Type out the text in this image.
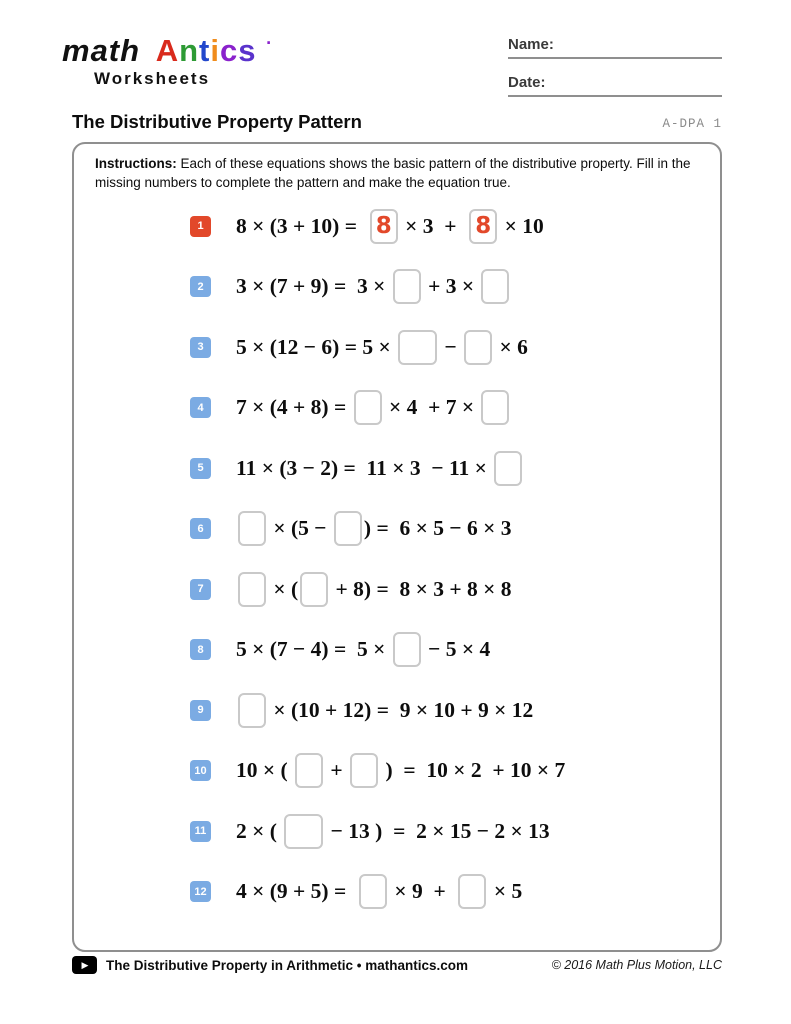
math Antics ·
Worksheets
Name:
Date:
The Distributive Property Pattern	A-DPA 1
Instructions: Each of these equations shows the basic pattern of the distributive property. Fill in the missing numbers to complete the pattern and make the equation true.
1	8 × (3 + 10) = 8 × 3  + 8 × 10
2	3 × (7 + 9) =  3 × + 3 ×
3	5 × (12 − 6) = 5 × − × 6
4	7 × (4 + 8) = × 4  + 7 ×
5	11 × (3 − 2) =  11 × 3  − 11 ×
6	× (5 − ) =  6 × 5 − 6 × 3
7	× ( + 8) =  8 × 3 + 8 × 8
8	5 × (7 − 4) =  5 × − 5 × 4
9	× (10 + 12) =  9 × 10 + 9 × 12
10 10 × ( + )  =  10 × 2  + 10 × 7
11 2 × ( − 13 )  =  2 × 15 − 2 × 13
12 4 × (9 + 5) = × 9  + × 5
▶	The Distributive Property in Arithmetic • mathantics.com	© 2016 Math Plus Motion, LLC
